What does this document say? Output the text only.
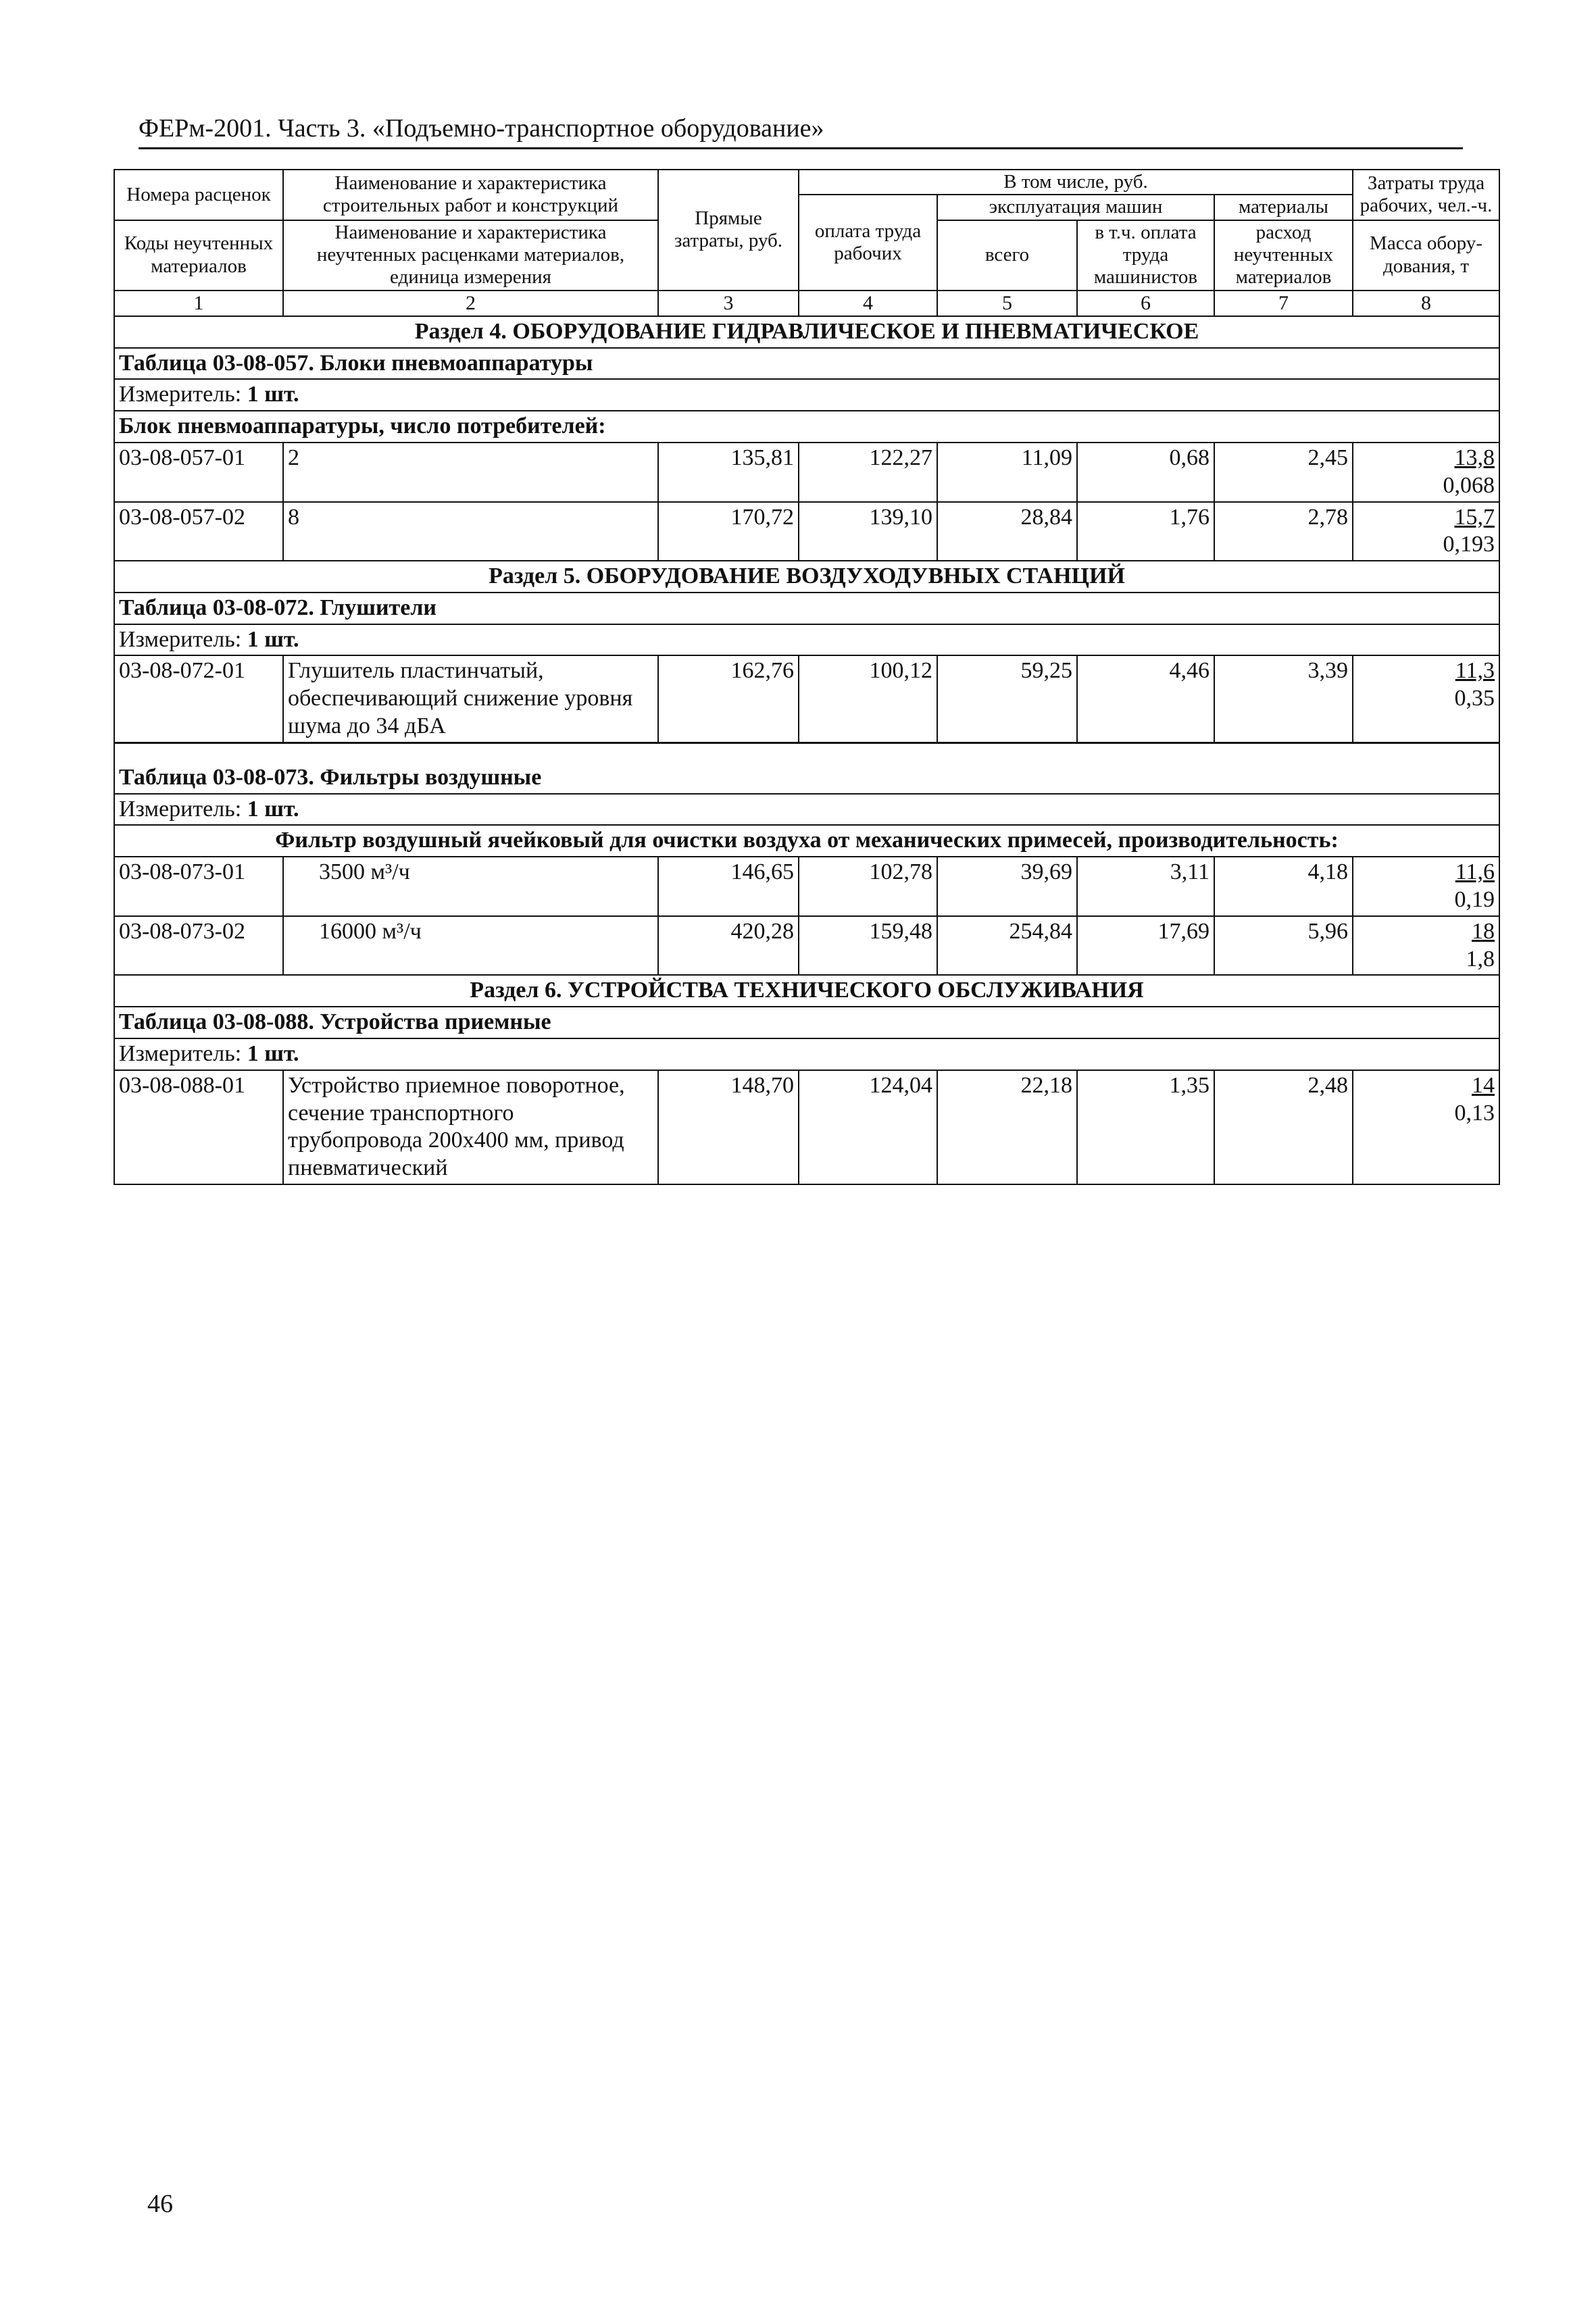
ФЕРм-2001. Часть 3. «Подъемно-транспортное оборудование»
Номера расценок	Наименование и характеристика строительных работ и конструкций	Прямые затраты, руб.	В том числе, руб.				Затраты труда рабочих, чел.-ч.
			оплата труда рабочих	эксплуатация машин		материалы	
Коды неучтенных материалов	Наименование и характеристика неучтенных расценками материалов, единица измерения			всего	в т.ч. оплата труда машинистов	расход неучтенных материалов	
							Масса обору-дования, т
1	2	3	4	5	6	7	8
Раздел 4. ОБОРУДОВАНИЕ ГИДРАВЛИЧЕСКОЕ И ПНЕВМАТИЧЕСКОЕ							
Таблица 03-08-057. Блоки пневмоаппаратуры							
Измеритель: 1 шт.							
Блок пневмоаппаратуры, число потребителей:							
03-08-057-01	2	135,81	122,27	11,09	0,68	2,45	13,8
0,068

03-08-057-02	8	170,72	139,10	28,84	1,76	2,78	15,7
0,193

Раздел 5. ОБОРУДОВАНИЕ ВОЗДУХОДУВНЫХ СТАНЦИЙ							
Таблица 03-08-072. Глушители							
Измеритель: 1 шт.							
03-08-072-01	Глушитель пластинчатый, обеспечивающий снижение уровня шума до 34 дБА	162,76	100,12	59,25	4,46	3,39	11,3
0,35

Таблица 03-08-073. Фильтры воздушные							
Измеритель: 1 шт.							
Фильтр воздушный ячейковый для очистки воздуха от механических примесей, производительность:							
03-08-073-01	3500 м³/ч	146,65	102,78	39,69	3,11	4,18	11,6
0,19

03-08-073-02	16000 м³/ч	420,28	159,48	254,84	17,69	5,96	18
1,8

Раздел 6. УСТРОЙСТВА ТЕХНИЧЕСКОГО ОБСЛУЖИВАНИЯ							
Таблица 03-08-088. Устройства приемные							
Измеритель: 1 шт.							
03-08-088-01	Устройство приемное поворотное, сечение транспортного трубопровода 200х400 мм, привод пневматический	148,70	124,04	22,18	1,35	2,48	14
0,13
46
